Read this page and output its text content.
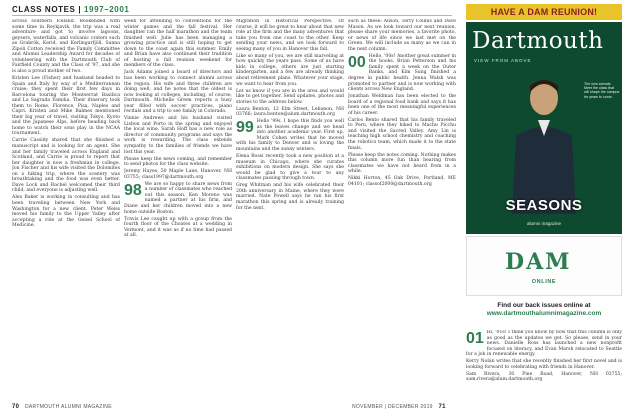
CLASS NOTES | 1997–2001

across southern Iceland. Bookended with some time in Reykjavik, the trip was a real adventure and got to involve lagoons, geysers, waterfalls, and volcanic craters such as Grabrók, Kerid, and Kerlingarfjöll. Sanna Zipoli Cotton received the Family Committee and Alumni Leadership Award for decades of volunteering with the Dartmouth Club of Fairfield County and the Class of '97, and she is also a proud mother of two.

Kristen Lee (Fisher) and husband headed to Spain and Italy by way of a Mediterranean cruise; they spent their first few days in Barcelona touring the Montserrat Basilica and La Sagrada Familia. Their itinerary took them to Rome, Florence, Pisa, Naples and Capri. Kristen and Mike Balmes mentioned their big year of travel, visiting Tokyo, Kyoto and the Japanese Alps, before heading back home to watch their sons play in the NCAA tournament.

Carrie Cassidy shared that she finished a manuscript and is looking for an agent. She and her family traveled across England and Scotland, and Carrie is proud to report that her daughter is now a freshman in college. Jon Fischer and his wife visited the Dolomites on a hiking trip, where the scenery was breathtaking and the food was even better. Dave Lock and Rachel welcomed their third child, and everyone is adjusting well.

Alex Baker is working in consulting and has been traveling between New York and Washington for a new client. Peter Weiss moved his family to the Upper Valley after accepting a role at the Geisel School of Medicine.

week for attending to conventions for the winter games and the fall festival. Her daughter ran the half marathon and the team finished well. Julie has been managing a growing practice and is still hoping to get down to the coast again this summer. Emily and Brian have also continued their tradition of hosting a fall reunion weekend for members of the class.

Jack Adams joined a board of directors and has been working to connect alumni across the region. His wife and three children are doing well, and he notes that the oldest is now looking at colleges, including, of course, Dartmouth. Michelle Green reports a busy year filled with soccer practices, piano recitals and a trip to see family in Colorado.

Vinnie Andrews and his husband visited Lisbon and Porto in the spring and enjoyed the local wine. Sarah Hoff has a new role as director of community programs and says the work is rewarding. The class extends sympathy to the families of friends we have lost this year.

Please keep the news coming, and remember to send photos for the class website.

Jeremy Hayes, 50 Maple Lane, Hanover, NH 03755; class1997@dartmouth.org

98 We are so happy to share news from a number of classmates who reached out this season. Ken Moreno was named a partner at his firm, and Diane and her children moved into a new home outside Boston.

Travis Lee caught up with a group from the fourth floor of the Choates at a wedding in Vermont, and it was as if no time had passed at all.

Migration in Historical Perspective. Of course, it will be great to hear about that new role at the firm and the many adventures that take you from one coast to the other. Keep sending your news, and we look forward to seeing many of you in Hanover this fall.

Like so many of you, we are still marveling at how quickly the years pass. Some of us have kids in college, others are just starting kindergarten, and a few are already thinking about retirement plans. Whatever your stage, we want to hear from you.

Let us know if you are in the area and would like to get together. Send updates, photos and stories to the address below.

Laura Benton, 12 Elm Street, Lebanon, NH 03766; laura.benton@alum.dartmouth.org

99 Hello '99s, I hope this finds you well as the leaves change and we head into another academic year. First up, Mark Cohen writes that he moved with his family to Denver and is loving the mountains and the sunny winters.

Elena Rossi recently took a new position at a museum in Chicago, where she curates exhibitions on modern design. She says she would be glad to give a tour to any classmates passing through town.

Greg Whitman and his wife celebrated their 20th anniversary in Maine, where they were married. Nate Powell says he ran his first marathon this spring and is already training for the next.

such as these: Alison, Terry Collins and Dave Mason. As we look toward our next reunion, please share your memories, a favorite photo, or news of life since we last met on the Green. We will include as many as we can in the next column.

00 Hello, '00s! Another great summer in the books. Brian Petterson and his family spent a week on the Outer Banks, and Kim Sung finished a degree in public health. Jenna Walsh was promoted to partner and is now working with clients across New England.

Jonathan Weldman has been elected to the board of a regional food bank and says it has been one of the most meaningful experiences of his career.

Carlos Bento shared that his family traveled to Peru, where they hiked to Machu Picchu and visited the Sacred Valley. Amy Lin is teaching high school chemistry and coaching the robotics team, which made it to the state finals.

Please keep the notes coming. Nothing makes this column more fun than hearing from classmates we have not heard from in a while.

Nikki Horton, 45 Oak Drive, Portland, ME 04101; classof2000@dartmouth.org

70 DARTMOUTH ALUMNI MAGAZINE	NOVEMBER | DECEMBER 2019 71
HAVE A DAM REUNION!
Dartmouth
VIEW FROM ABOVE
The new arrivals. Meet the class that will shape the campus for years to come.
SEASONS
alumni magazine
DAM
ONLINE
Find our back issues online at
www.dartmouthalumnimagazine.com
01 Hi, '01s! I think you know by now that this column is only as good as the updates we get. So please, send in your news. Danielle Ross has launched a new nonprofit focused on literacy, and Evan Marsh relocated to Seattle for a job in renewable energy.

Kerry Nolan writes that she recently finished her first novel and is looking forward to celebrating with friends in Hanover.

Sam Rivera, 30 Pine Road, Hanover, NH 03755; sam.rivera@alum.dartmouth.org
